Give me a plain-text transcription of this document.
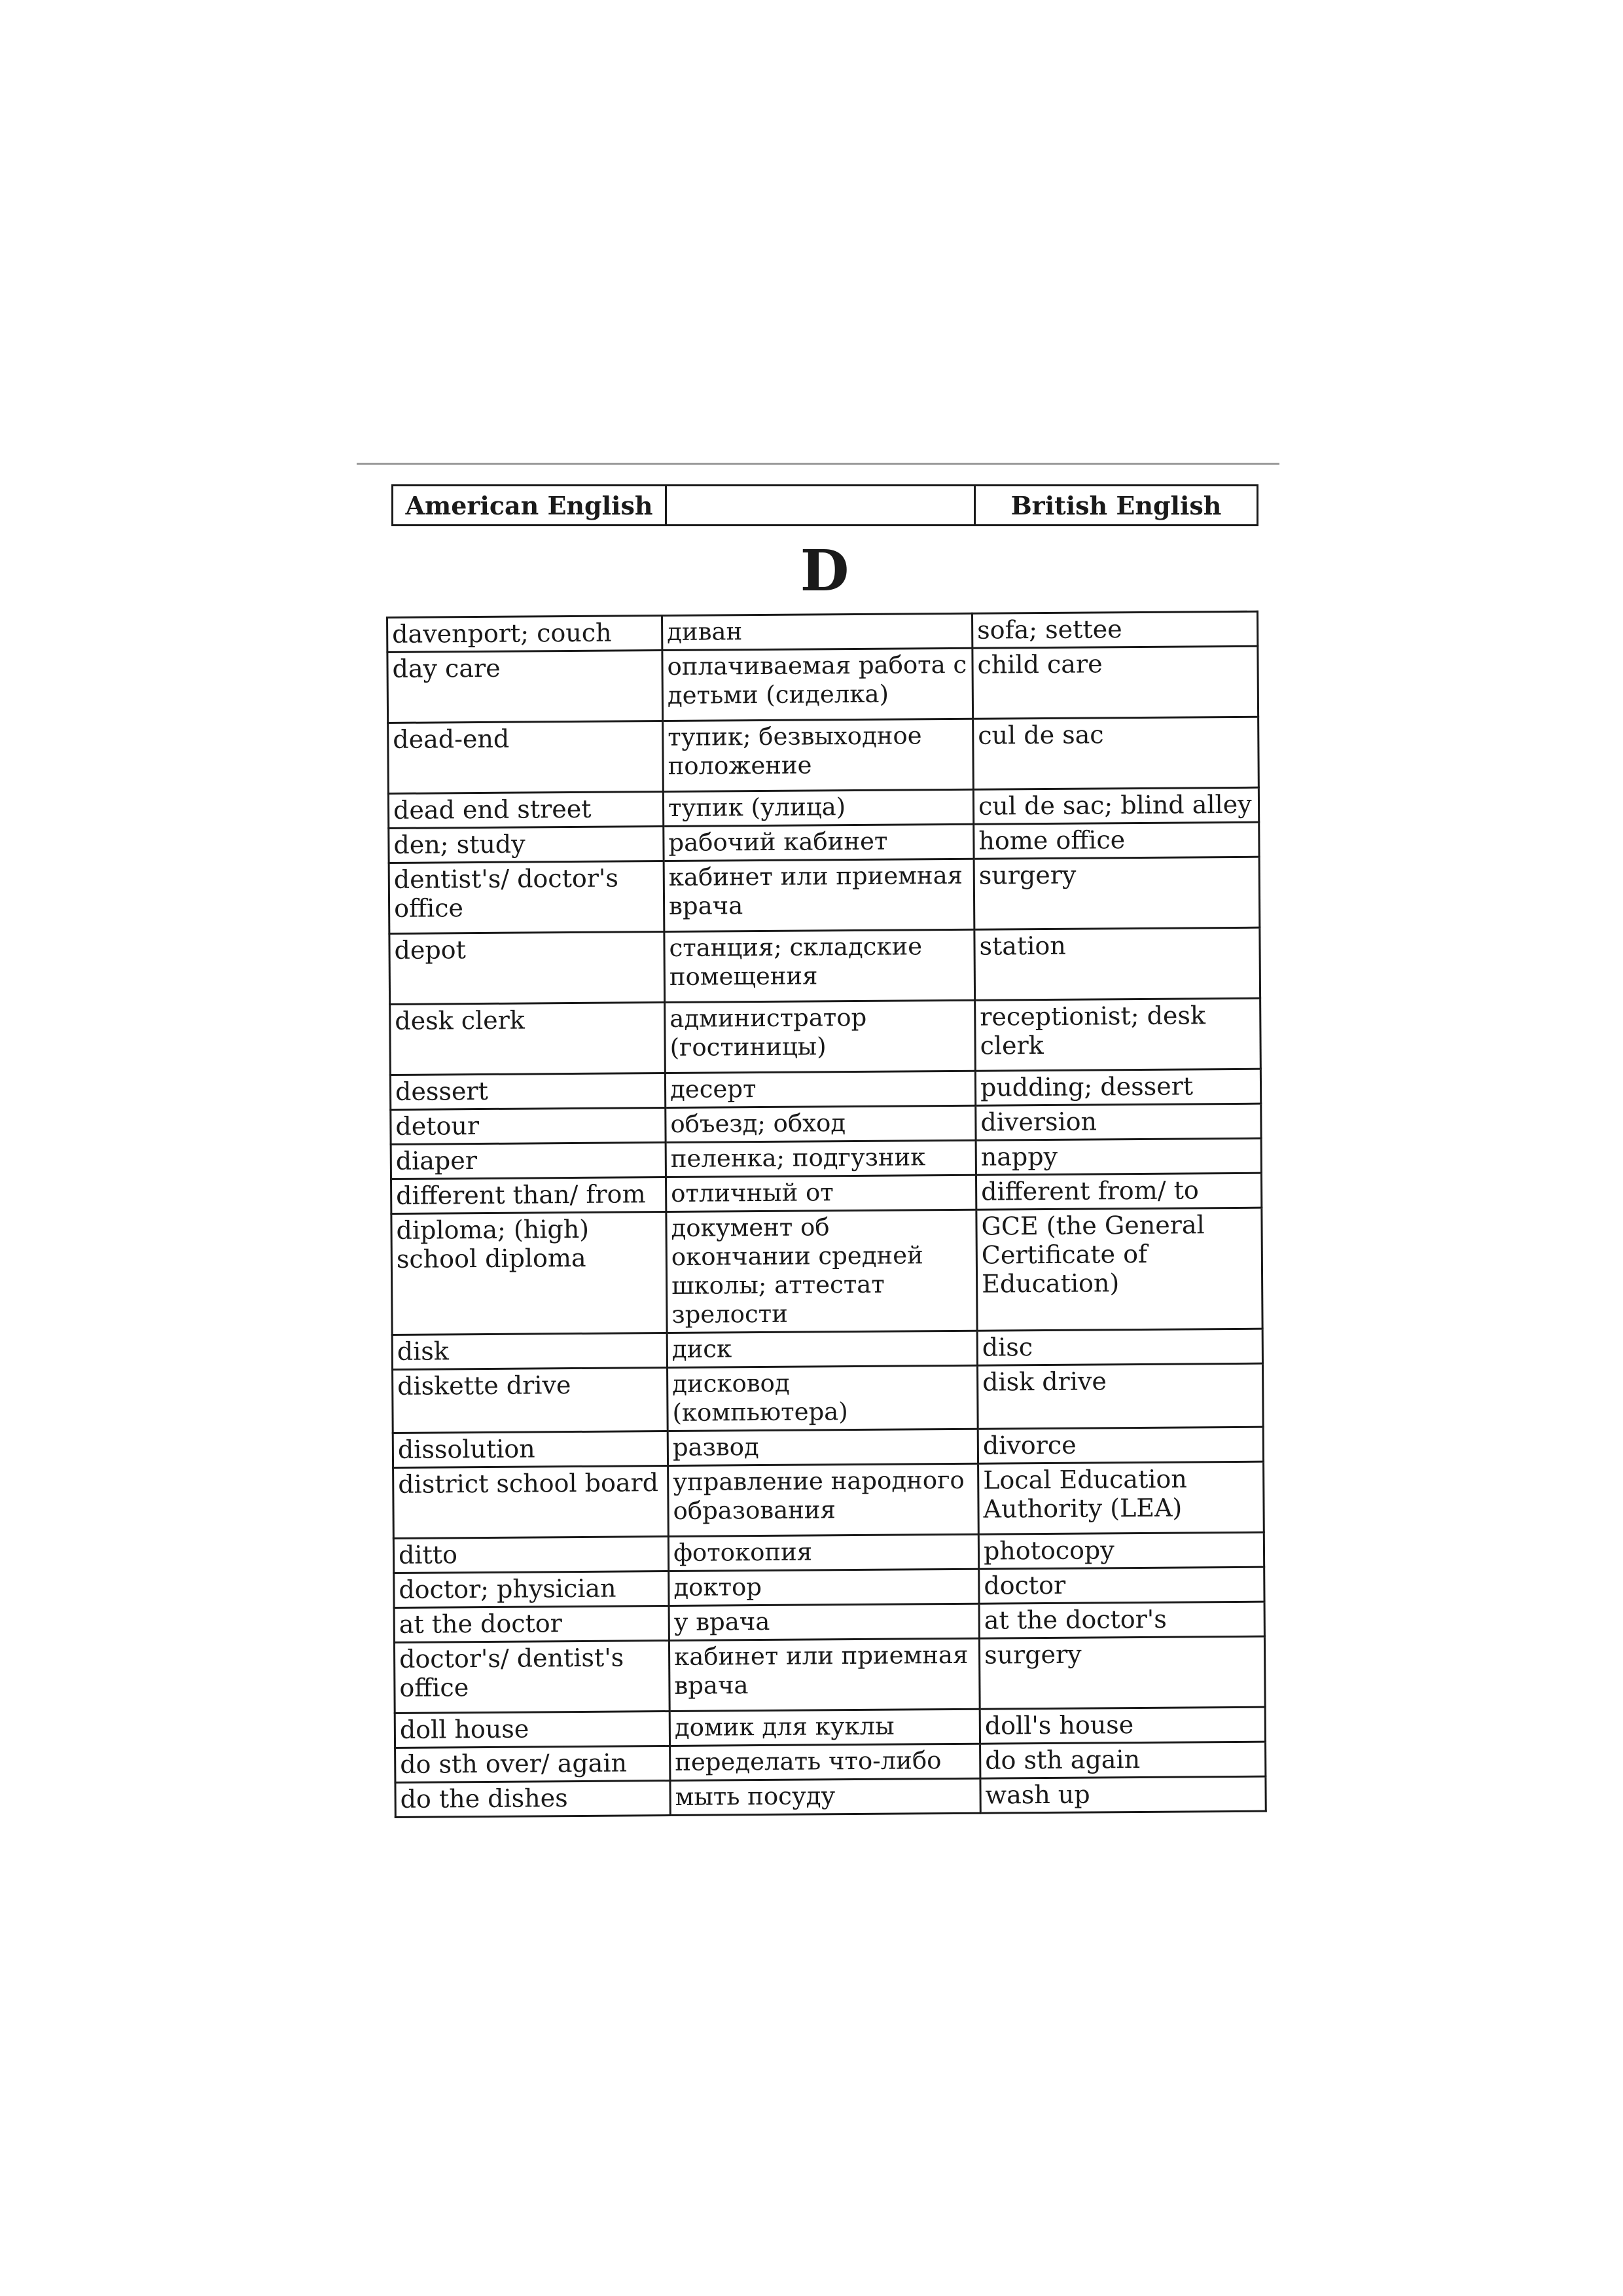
American English		British English
D
davenport; couch	диван	sofa; settee
day care	оплачиваемая работа с детьми (сиделка)	child care
dead-end	тупик; безвыходное положение	cul de sac
dead end street	тупик (улица)	cul de sac; blind alley
den; study	рабочий кабинет	home office
dentist's/ doctor's office	кабинет или приемная врача	surgery
depot	станция; складские помещения	station
desk clerk	администратор (гостиницы)	receptionist; desk clerk
dessert	десерт	pudding; dessert
detour	объезд; обход	diversion
diaper	пеленка; подгузник	nappy
different than/ from	отличный от	different from/ to
diploma; (high) school diploma	документ об окончании средней школы; аттестат зрелости	GCE (the General Certificate of Education)
disk	диск	disc
diskette drive	дисковод (компьютера)	disk drive
dissolution	развод	divorce
district school board	управление народного образования	Local Education Authority (LEA)
ditto	фотокопия	photocopy
doctor; physician	доктор	doctor
at the doctor	у врача	at the doctor's
doctor's/ dentist's office	кабинет или приемная врача	surgery
doll house	домик для куклы	doll's house
do sth over/ again	переделать что-либо	do sth again
do the dishes	мыть посуду	wash up
